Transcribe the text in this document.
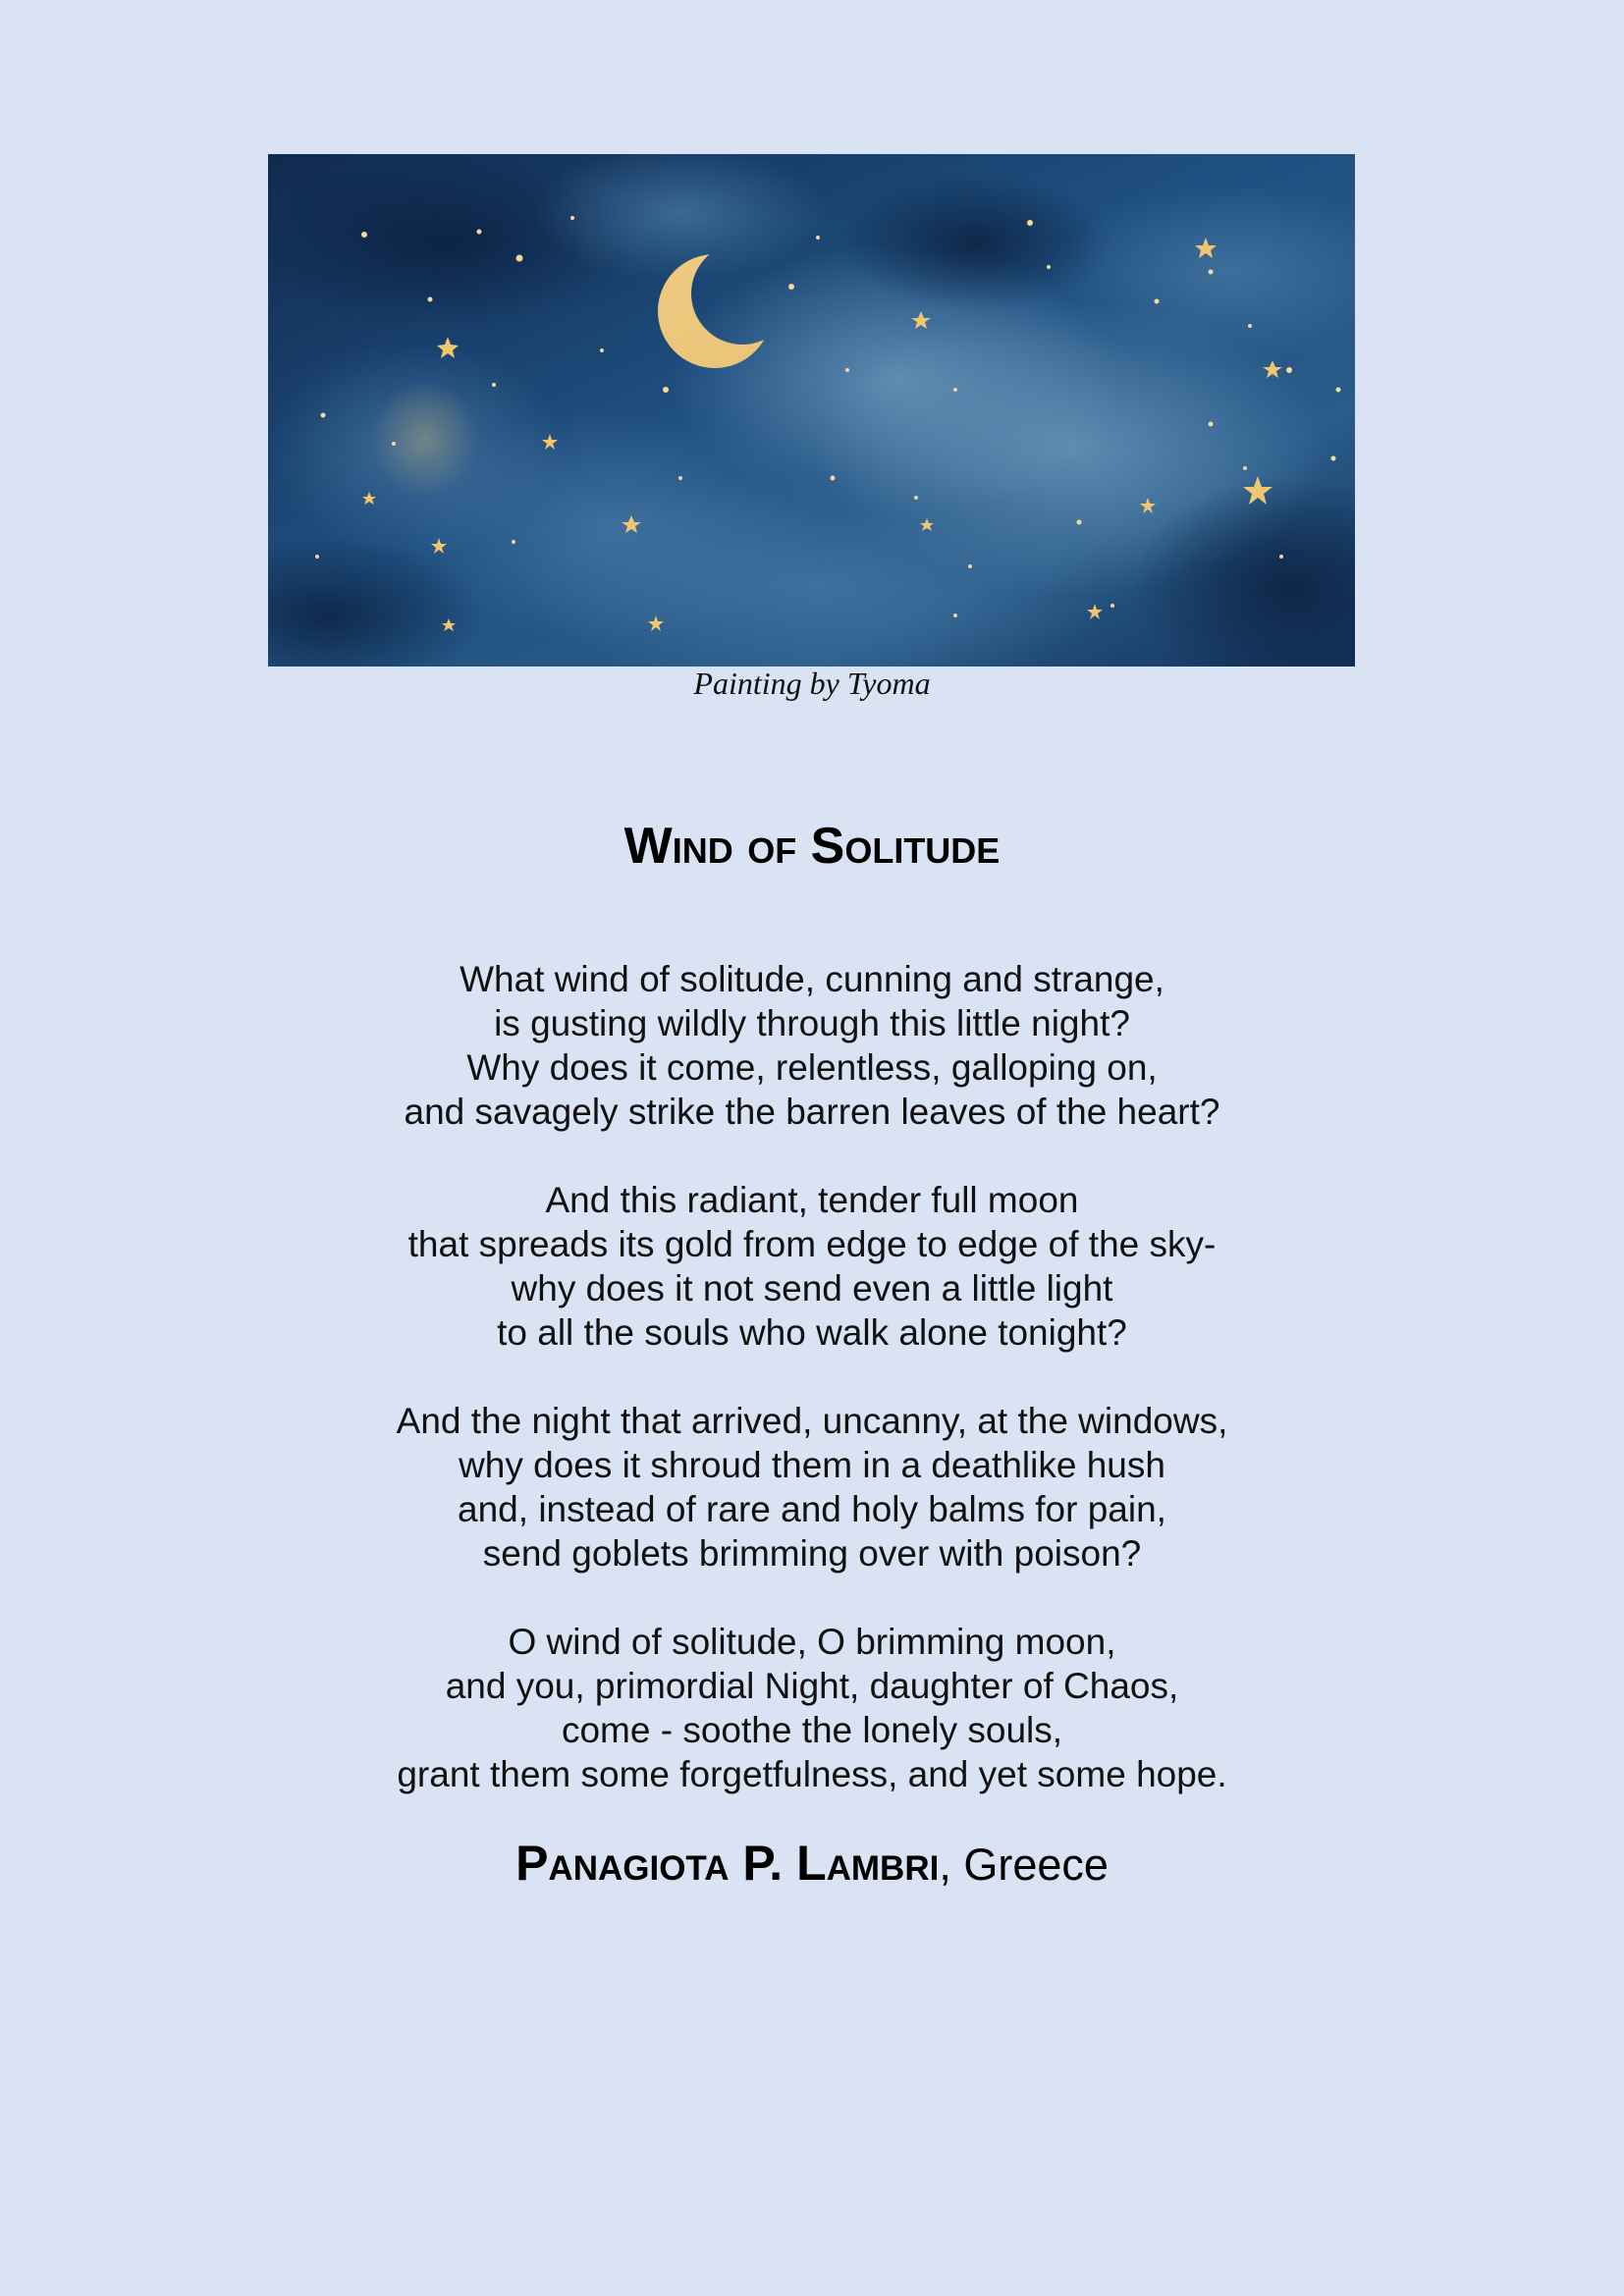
Painting by Tyoma
Wind of Solitude
What wind of solitude, cunning and strange,
is gusting wildly through this little night?
Why does it come, relentless, galloping on,
and savagely strike the barren leaves of the heart?
And this radiant, tender full moon
that spreads its gold from edge to edge of the sky-
why does it not send even a little light
to all the souls who walk alone tonight?
And the night that arrived, uncanny, at the windows,
why does it shroud them in a deathlike hush
and, instead of rare and holy balms for pain,
send goblets brimming over with poison?
O wind of solitude, O brimming moon,
and you, primordial Night, daughter of Chaos,
come - soothe the lonely souls,
grant them some forgetfulness, and yet some hope.
Panagiota P. Lambri, Greece
